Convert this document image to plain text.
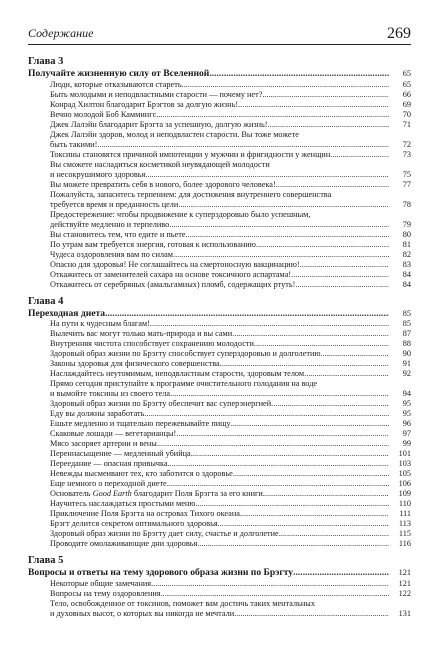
Содержание	269
Глава 3
Получайте жизненную силу от Вселенной .....	65
Люди, которые отказываются стареть .....	65
Быть молодыми и неподвластными старости — почему нет? .....	66
Конрад Хилтон благодарит Брэгтов за долгую жизнь! .....	69
Вечно молодой Боб Каммингс .....	70
Джек Лалэйн благодарит Брэгта за успешную, долгую жизнь! .....	71
Джек Лалэйн здоров, молод и неподвластен старости. Вы тоже можете
быть такими! .....	72
Токсины становятся причиной импотенции у мужчин и фригидности у женщин .....	73
Вы сможете насладиться косметикой неувядающей молодости
и несокрушимого здоровья .....	75
Вы можете превратить себя в нового, более здорового человека! .....	77
Пожалуйста, запаситесь терпением: для достижения внутреннего совершенства
требуется время и преданность цели .....	78
Предостережение: чтобы продвижение к суперздоровью было успешным,
действуйте медленно и терпеливо .....	79
Вы становитесь тем, что едите и пьете .....	80
По утрам вам требуется энергия, готовая к использованию .....	81
Чудеса оздоровления вам по силам .....	82
Опасно для здоровья! Не соглашайтесь на смертоносную вакцинацию! .....	83
Откажитесь от заменителей сахара на основе токсичного аспартама! .....	84
Откажитесь от серебряных (амальгамных) пломб, содержащих ртуть! .....	84
Глава 4
Переходная диета .....	85
На пути к чудесным благам! .....	85
Вылечить вас могут только мать-природа и вы сами .....	87
Внутренняя чистота способствует сохранению молодости .....	88
Здоровый образ жизни по Брэгту способствует суперздоровью и долголетию .....	90
Законы здоровья для физического совершенства .....	91
Наслаждайтесь неутомимым, неподвластным старости, здоровым телом .....	92
Прямо сегодня приступайте к программе очистительного голодания на воде
и вымойте токсины из своего тела .....	94
Здоровый образ жизни по Брэгту обеспечит вас суперэнергией .....	95
Еду вы должны заработать .....	95
Ешьте медленно и тщательно пережевывайте пищу .....	96
Скаковые лошади — вегетарианцы! .....	97
Мясо засоряет артерии и вены .....	99
Переннасыщение — медленный убийца .....	101
Переедание — опасная привычка .....	103
Невежды высмеивают тех, кто заботится о здоровье .....	105
Еще немного о переходной диете .....	106
Основатель Good Earth благодарит Поля Брэгта за его книги .....	109
Научитесь наслаждаться простыми меню .....	110
Приключение Поля Брэгта на островах Тихого океана .....	111
Брэгт делится секретом оптимального здоровья .....	113
Здоровый образ жизни по Брэгту дает силу, счастье и долголетие .....	115
Проводите омолаживающие дни здоровья .....	116
Глава 5
Вопросы и ответы на тему здорового образа жизни по Брэгту .....	121
Некоторые общие замечания .....	121
Вопросы на тему оздоровления .....	122
Тело, освобожденное от токсинов, поможет вам достичь таких ментальных
и духовных высот, о которых вы никогда не мечтали .....	131
